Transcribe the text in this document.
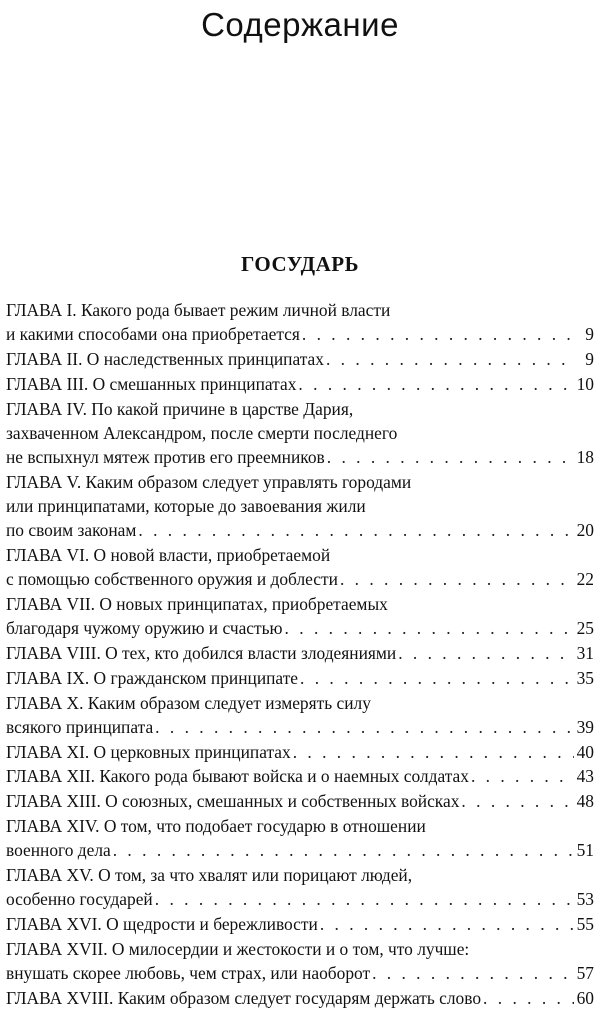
Содержание
ГОСУДАРЬ
ГЛАВА I. Какого рода бывает режим личной власти
и какими способами она приобретается . . .	9
ГЛАВА II. О наследственных принципатах . . .	9
ГЛАВА III. О смешанных принципатах . . .	10
ГЛАВА IV. По какой причине в царстве Дария,
захваченном Александром, после смерти последнего
не вспыхнул мятеж против его преемников . . .	18
ГЛАВА V. Каким образом следует управлять городами
или принципатами, которые до завоевания жили
по своим законам . . .	20
ГЛАВА VI. О новой власти, приобретаемой
с помощью собственного оружия и доблести . . .	22
ГЛАВА VII. О новых принципатах, приобретаемых
благодаря чужому оружию и счастью . . .	25
ГЛАВА VIII. О тех, кто добился власти злодеяниями . . .	31
ГЛАВА IX. О гражданском принципате . . .	35
ГЛАВА X. Каким образом следует измерять силу
всякого принципата . . .	39
ГЛАВА XI. О церковных принципатах . . .	40
ГЛАВА XII. Какого рода бывают войска и о наемных солдатах . . .	43
ГЛАВА XIII. О союзных, смешанных и собственных войсках . . .	48
ГЛАВА XIV. О том, что подобает государю в отношении
военного дела . . .	51
ГЛАВА XV. О том, за что хвалят или порицают людей,
особенно государей . . .	53
ГЛАВА XVI. О щедрости и бережливости . . .	55
ГЛАВА XVII. О милосердии и жестокости и о том, что лучше:
внушать скорее любовь, чем страх, или наоборот . . .	57
ГЛАВА XVIII. Каким образом следует государям держать слово . . .	60
